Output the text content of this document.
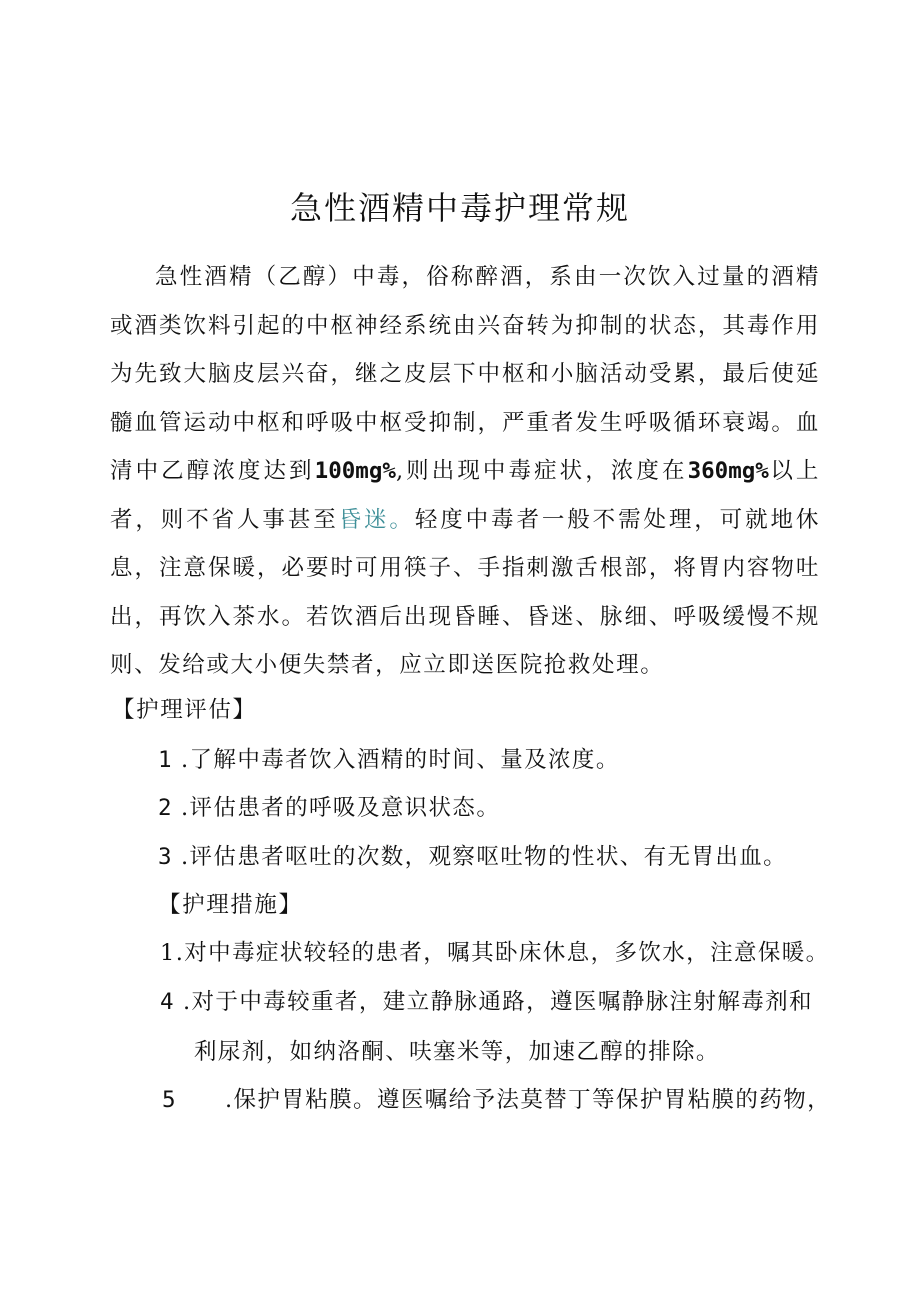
急性酒精中毒护理常规

急性酒精（乙醇）中毒，俗称醉酒，系由一次饮入过量的酒精或酒类饮料引起的中枢神经系统由兴奋转为抑制的状态，其毒作用为先致大脑皮层兴奋，继之皮层下中枢和小脑活动受累，最后使延髓血管运动中枢和呼吸中枢受抑制，严重者发生呼吸循环衰竭。血清中乙醇浓度达到100mg%,则出现中毒症状，浓度在360mg%以上者，则不省人事甚至昏迷。轻度中毒者一般不需处理，可就地休息，注意保暖，必要时可用筷子、手指刺激舌根部，将胃内容物吐出，再饮入茶水。若饮酒后出现昏睡、昏迷、脉细、呼吸缓慢不规则、发给或大小便失禁者，应立即送医院抢救处理。

【护理评估】
1 .了解中毒者饮入酒精的时间、量及浓度。
2 .评估患者的呼吸及意识状态。
3 .评估患者呕吐的次数，观察呕吐物的性状、有无胃出血。
【护理措施】
1.对中毒症状较轻的患者，嘱其卧床休息，多饮水，注意保暖。
4 .对于中毒较重者，建立静脉通路，遵医嘱静脉注射解毒剂和
利尿剂，如纳洛酮、呋塞米等，加速乙醇的排除。
5 .保护胃粘膜。遵医嘱给予法莫替丁等保护胃粘膜的药物，
